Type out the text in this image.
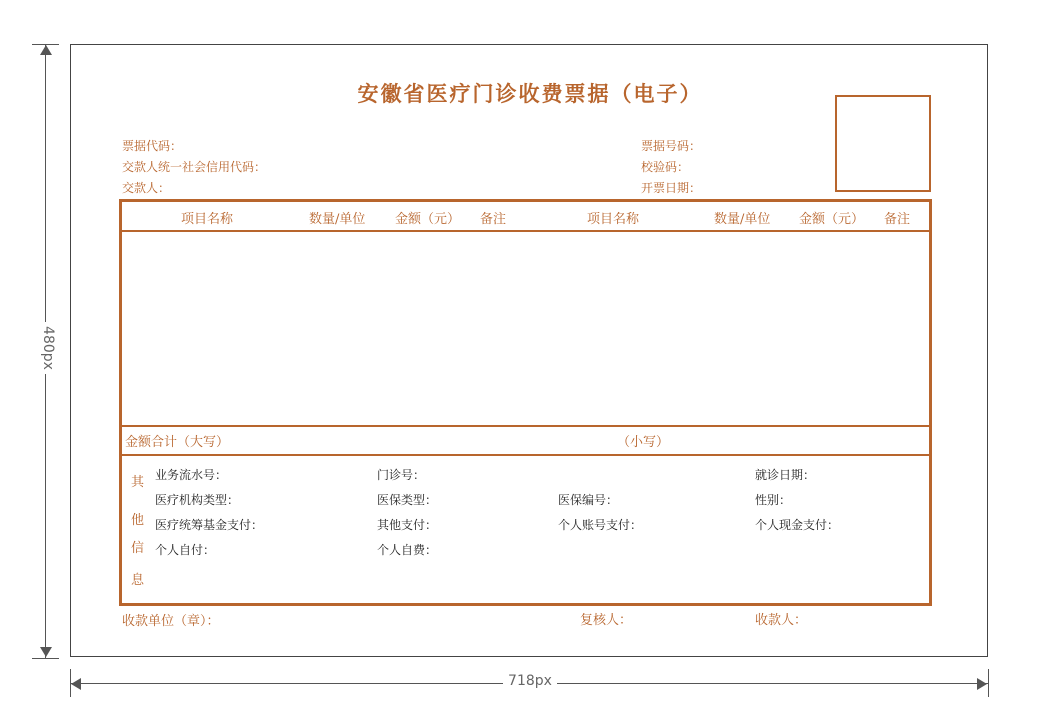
480px
718px
安徽省医疗门诊收费票据（电子）
票据代码：
交款人统一社会信用代码：
交款人：
票据号码：
校验码：
开票日期：
项目名称	数量/单位 金额（元） 备注	项目名称	数量/单位 金额（元） 备注
金额合计（大写）	（小写）
其
他
信
息
业务流水号：	门诊号：	就诊日期：
医疗机构类型：	医保类型：	医保编号：	性别：
医疗统筹基金支付：	其他支付：	个人账号支付：	个人现金支付：
个人自付：	个人自费：
收款单位（章）：	复核人：	收款人：
